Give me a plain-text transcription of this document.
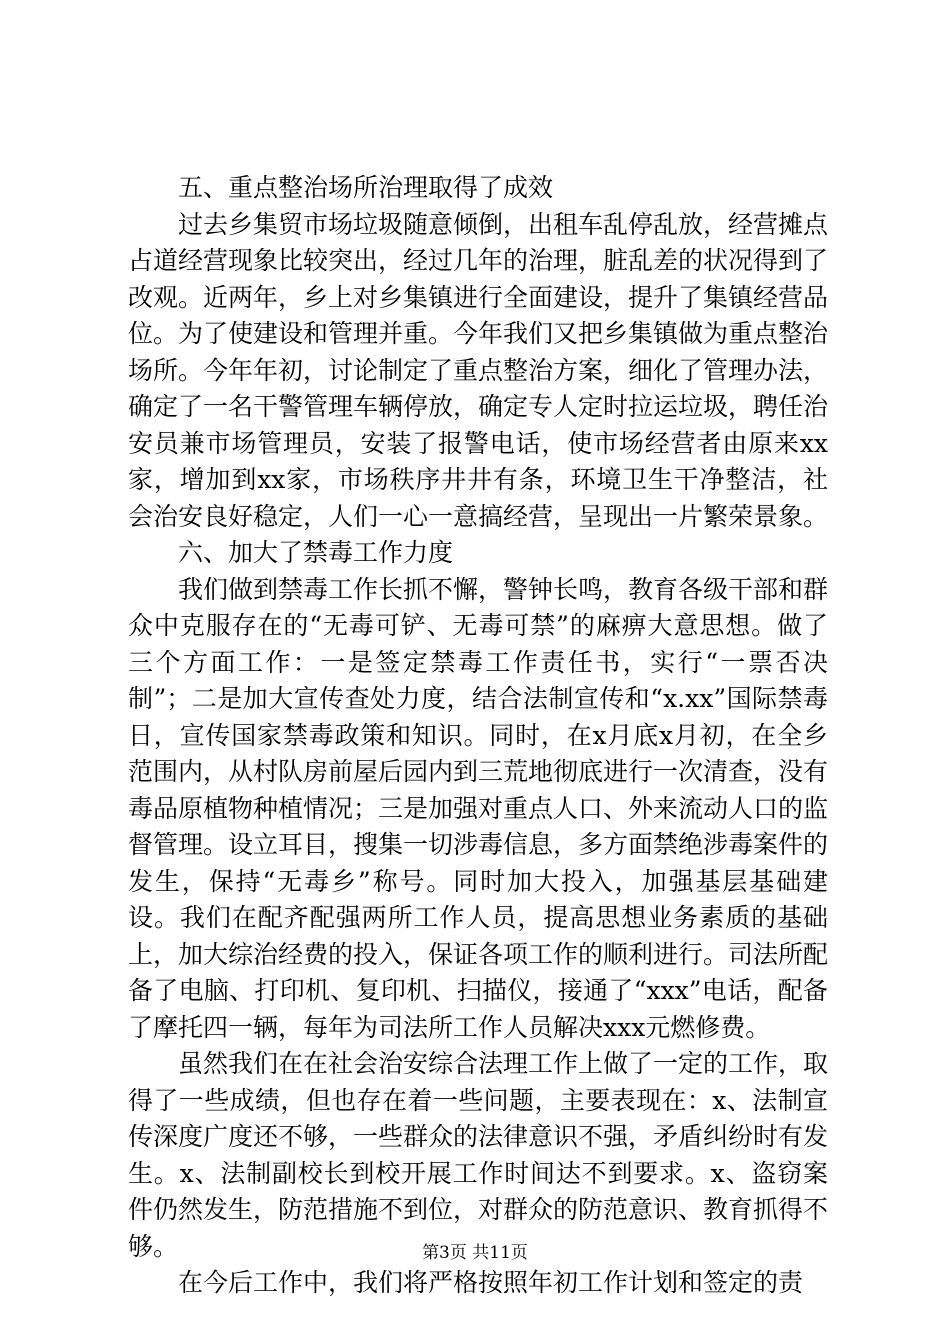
五、重点整治场所治理取得了成效

过去乡集贸市场垃圾随意倾倒，出租车乱停乱放，经营摊点占道经营现象比较突出，经过几年的治理，脏乱差的状况得到了改观。近两年，乡上对乡集镇进行全面建设，提升了集镇经营品位。为了使建设和管理并重。今年我们又把乡集镇做为重点整治场所。今年年初，讨论制定了重点整治方案，细化了管理办法，确定了一名干警管理车辆停放，确定专人定时拉运垃圾，聘任治安员兼市场管理员，安装了报警电话，使市场经营者由原来xx家，增加到xx家，市场秩序井井有条，环境卫生干净整洁，社会治安良好稳定，人们一心一意搞经营，呈现出一片繁荣景象。

六、加大了禁毒工作力度

我们做到禁毒工作长抓不懈，警钟长鸣，教育各级干部和群众中克服存在的“无毒可铲、无毒可禁”的麻痹大意思想。做了三个方面工作：一是签定禁毒工作责任书，实行“一票否决制”；二是加大宣传查处力度，结合法制宣传和“x.xx”国际禁毒日，宣传国家禁毒政策和知识。同时，在x月底x月初，在全乡范围内，从村队房前屋后园内到三荒地彻底进行一次清查，没有毒品原植物种植情况；三是加强对重点人口、外来流动人口的监督管理。设立耳目，搜集一切涉毒信息，多方面禁绝涉毒案件的发生，保持“无毒乡”称号。同时加大投入，加强基层基础建设。我们在配齐配强两所工作人员，提高思想业务素质的基础上，加大综治经费的投入，保证各项工作的顺利进行。司法所配备了电脑、打印机、复印机、扫描仪，接通了“xxx”电话，配备了摩托四一辆，每年为司法所工作人员解决xxx元燃修费。

虽然我们在在社会治安综合法理工作上做了一定的工作，取得了一些成绩，但也存在着一些问题，主要表现在：x、法制宣传深度广度还不够，一些群众的法律意识不强，矛盾纠纷时有发生。x、法制副校长到校开展工作时间达不到要求。x、盗窃案件仍然发生，防范措施不到位，对群众的防范意识、教育抓得不够。

在今后工作中，我们将严格按照年初工作计划和签定的责

第3页 共11页
